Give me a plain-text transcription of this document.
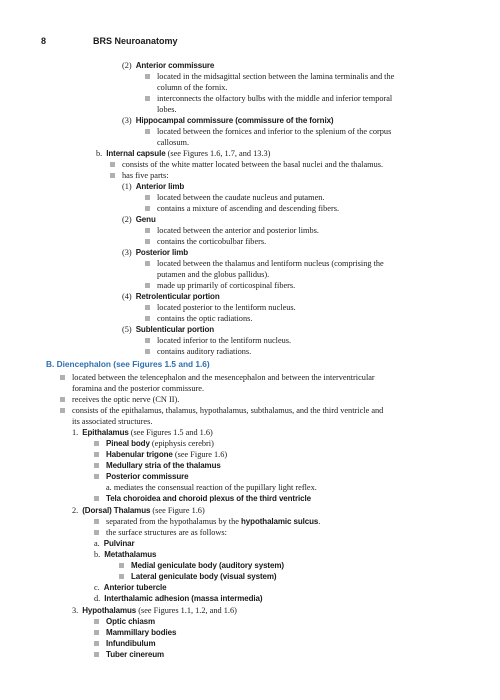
8	BRS Neuroanatomy
(2) Anterior commissure
located in the midsagittal section between the lamina terminalis and the
column of the fornix.
interconnects the olfactory bulbs with the middle and inferior temporal
lobes.
(3) Hippocampal commissure (commissure of the fornix)
located between the fornices and inferior to the splenium of the corpus
callosum.
b. Internal capsule (see Figures 1.6, 1.7, and 13.3)
consists of the white matter located between the basal nuclei and the thalamus.
has five parts:
(1) Anterior limb
located between the caudate nucleus and putamen.
contains a mixture of ascending and descending fibers.
(2) Genu
located between the anterior and posterior limbs.
contains the corticobulbar fibers.
(3) Posterior limb
located between the thalamus and lentiform nucleus (comprising the
putamen and the globus pallidus).
made up primarily of corticospinal fibers.
(4) Retrolenticular portion
located posterior to the lentiform nucleus.
contains the optic radiations.
(5) Sublenticular portion
located inferior to the lentiform nucleus.
contains auditory radiations.
B. Diencephalon (see Figures 1.5 and 1.6)
located between the telencephalon and the mesencephalon and between the interventricular
foramina and the posterior commissure.
receives the optic nerve (CN II).
consists of the epithalamus, thalamus, hypothalamus, subthalamus, and the third ventricle and
its associated structures.
1. Epithalamus (see Figures 1.5 and 1.6)
Pineal body (epiphysis cerebri)
Habenular trigone (see Figure 1.6)
Medullary stria of the thalamus
Posterior commissure
a. mediates the consensual reaction of the pupillary light reflex.
Tela choroidea and choroid plexus of the third ventricle
2. (Dorsal) Thalamus (see Figure 1.6)
separated from the hypothalamus by the hypothalamic sulcus.
the surface structures are as follows:
a. Pulvinar
b. Metathalamus
Medial geniculate body (auditory system)
Lateral geniculate body (visual system)
c. Anterior tubercle
d. Interthalamic adhesion (massa intermedia)
3. Hypothalamus (see Figures 1.1, 1.2, and 1.6)
Optic chiasm
Mammillary bodies
Infundibulum
Tuber cinereum
